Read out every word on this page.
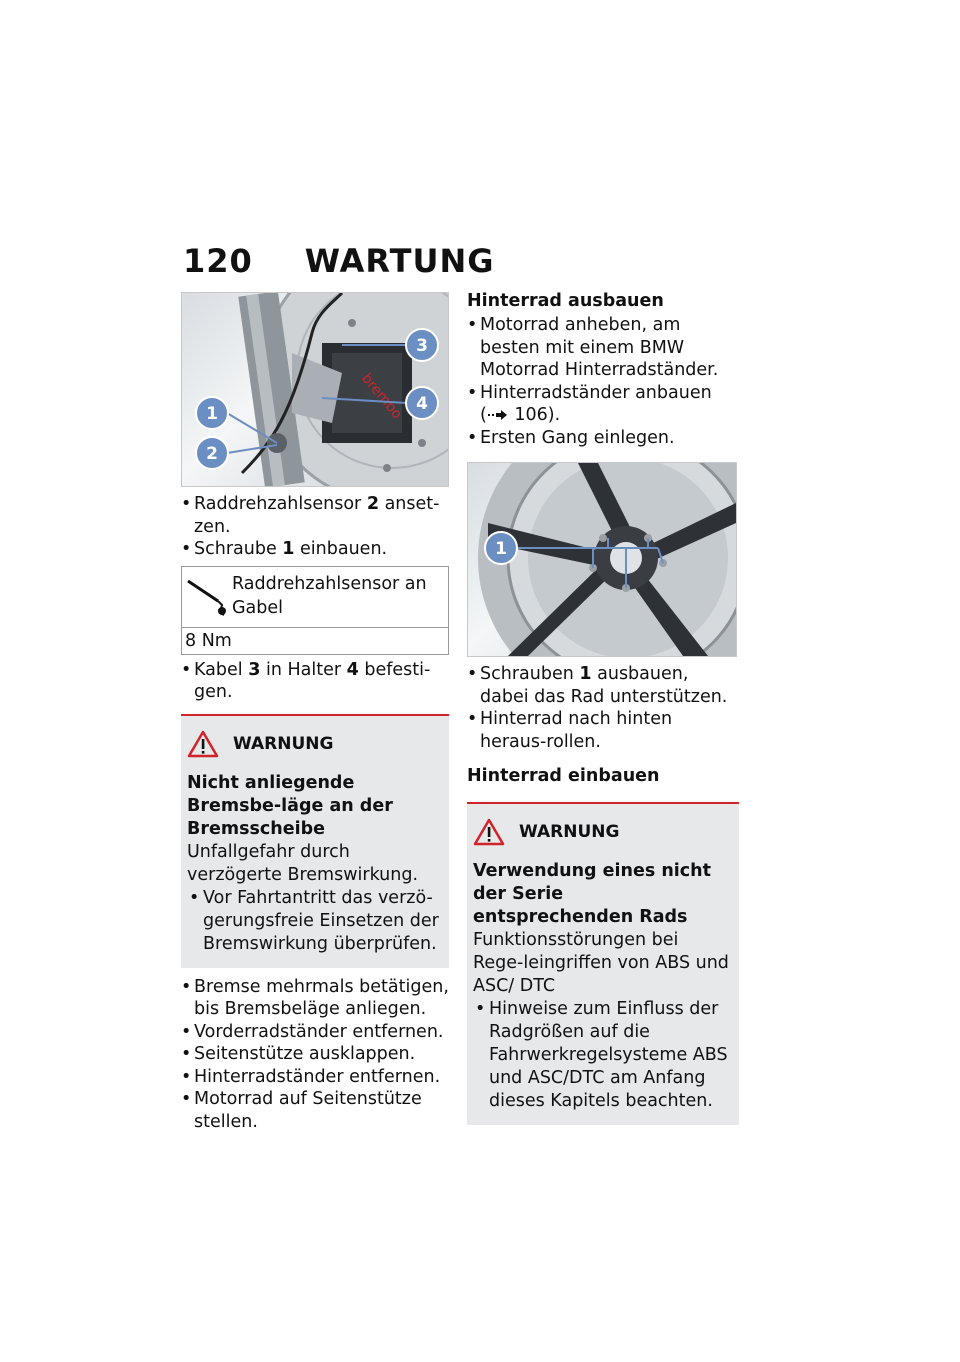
120 WARTUNG
brembo
1
2
3
4

• Raddrehzahlsensor 2 anset-zen.

• Schraube 1 einbauen.

Raddrehzahlsensor an Gabel
8 Nm

• Kabel 3 in Halter 4 befesti-gen.

WARNUNG
Nicht anliegende Bremsbe-läge an der Bremsscheibe
Unfallgefahr durch verzögerte Bremswirkung.
• Vor Fahrtantritt das verzö-gerungsfreie Einsetzen der Bremswirkung überprüfen.

• Bremse mehrmals betätigen, bis Bremsbeläge anliegen.

• Vorderradständer entfernen.

• Seitenstütze ausklappen.

• Hinterradständer entfernen.

• Motorrad auf Seitenstütze stellen.

Hinterrad ausbauen

• Motorrad anheben, am besten mit einem BMW Motorrad Hinterradständer.

• Hinterradständer anbauen
( 106).

• Ersten Gang einlegen.

1

• Schrauben 1 ausbauen, dabei das Rad unterstützen.

• Hinterrad nach hinten heraus-rollen.

Hinterrad einbauen
WARNUNG
Verwendung eines nicht der Serie entsprechenden Rads
Funktionsstörungen bei Rege-leingriffen von ABS und ASC/ DTC
• Hinweise zum Einfluss der Radgrößen auf die Fahrwerkregelsysteme ABS und ASC/DTC am Anfang dieses Kapitels beachten.
